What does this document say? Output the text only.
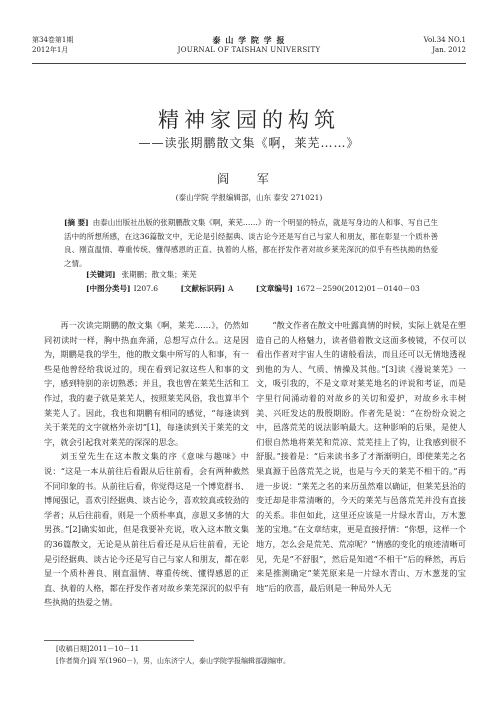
第34卷第1期
2012年1月
泰 山 学 院 学 报
JOURNAL OF TAISHAN UNIVERSITY
Vol.34 NO.1
Jan. 2012
精神家园的构筑
——读张期鹏散文集《啊，莱芜……》
阎 军
(泰山学院 学报编辑部，山东 泰安 271021)
[摘 要] 由泰山出版社出版的张期鹏散文集《啊，莱芜……》的一个明显的特点，就是写身边的人和事、写自己生活中的所想所感，在这36篇散文中，无论是引经据典、谈古论今还是写自己与家人和朋友，都在彰显一个质朴善良、刚直温情、尊重传统、懂得感恩的正直、执着的人格，都在抒发作者对故乡莱芜深沉的似乎有些执拗的热爱之情。
[关键词] 张期鹏；散文集；莱芜
[中图分类号] I207.6	[文献标识码] A	[文章编号] 1672－2590(2012)01－0140－03

再一次读完期鹏的散文集《啊，莱芜……》，仍然如同初读时一样，胸中热血奔涌，总想写点什么。这是因为，期鹏是我的学生，他的散文集中所写的人和事，有一些是他曾经给我说过的，现在看到记叙这些人和事的文字，感到特别的亲切熟悉；并且，我也曾在莱芜生活和工作过，我的妻子就是莱芜人，按照莱芜风俗，我也算半个莱芜人了。因此，我也和期鹏有相同的感觉，“每逢读到关于莱芜的文字就格外亲切”[1]，每逢读到关于莱芜的文字，就会引起我对莱芜的深深的思念。

刘玉堂先生在这本散文集的序《意味与趣味》中说：“这是一本从前往后看跟从后往前看，会有两种截然不同印象的书。从前往后看，你觉得这是一个博览群书、博闻强记，喜欢引经据典、谈古论今，喜欢较真或较劲的学者；从后往前看，则是一个质朴率真，彦恩又多情的大男孩。”[2]确实如此，但是我要补充说，收入这本散文集的36篇散文，无论是从前往后看还是从后往前看，无论是引经据典、谈古论今还是写自己与家人和朋友，都在彰显一个质朴善良、刚直温情、尊重传统、懂得感恩的正直、执着的人格，都在抒发作者对故乡莱芜深沉的似乎有些执拗的热爱之情。

“散文作者在散文中吐露真情的时候，实际上就是在塑造自己的人格魅力，读者借着散文这面多棱镜，不仅可以看出作者对宇宙人生的诸般看法，而且还可以无情地透视到他的为人、气质、情操及其他。”[3]读《漫说莱芜》一文，吸引我的，不是文章对莱芜地名的评说和考证，而是字里行间涌动着的对故乡的关切和爱护，对故乡永丰树美、兴旺发达的殷殷期盼。作者先是说：“在纷纷众说之中，邑落荒芜的说法影响最大。这种影响的后果，是使人们很自然地将莱芜和荒凉、荒芜挂上了钩，让我感到很不舒服。”接着是：“后来读书多了才渐渐明白，即使莱芜之名果真源于邑落荒芜之说，也是与今天的莱芜不相干的。”再进一步说：“莱芜之名的来历虽然难以确证，但莱芜县治的变迁却是非常清晰的，今天的莱芜与邑落荒芜并没有直接的关系。非但如此，这里还应该是一片绿水青山，万木葱茏的宝地。”在文章结束，更是直接抒情：“你想，这样一个地方，怎么会是荒芜、荒凉呢？”情感的变化的痕迹清晰可见，先是“不舒服”，然后是知道“不相干”后的释然，再后来是推测确定“莱芜原来是一片绿水青山、万木葱茏的宝地”后的欣喜，最后则是一种局外人无

[收稿日期]2011－10－11
[作者简介]阎 军(1960－)，男，山东济宁人，泰山学院学报编辑部副编审。
